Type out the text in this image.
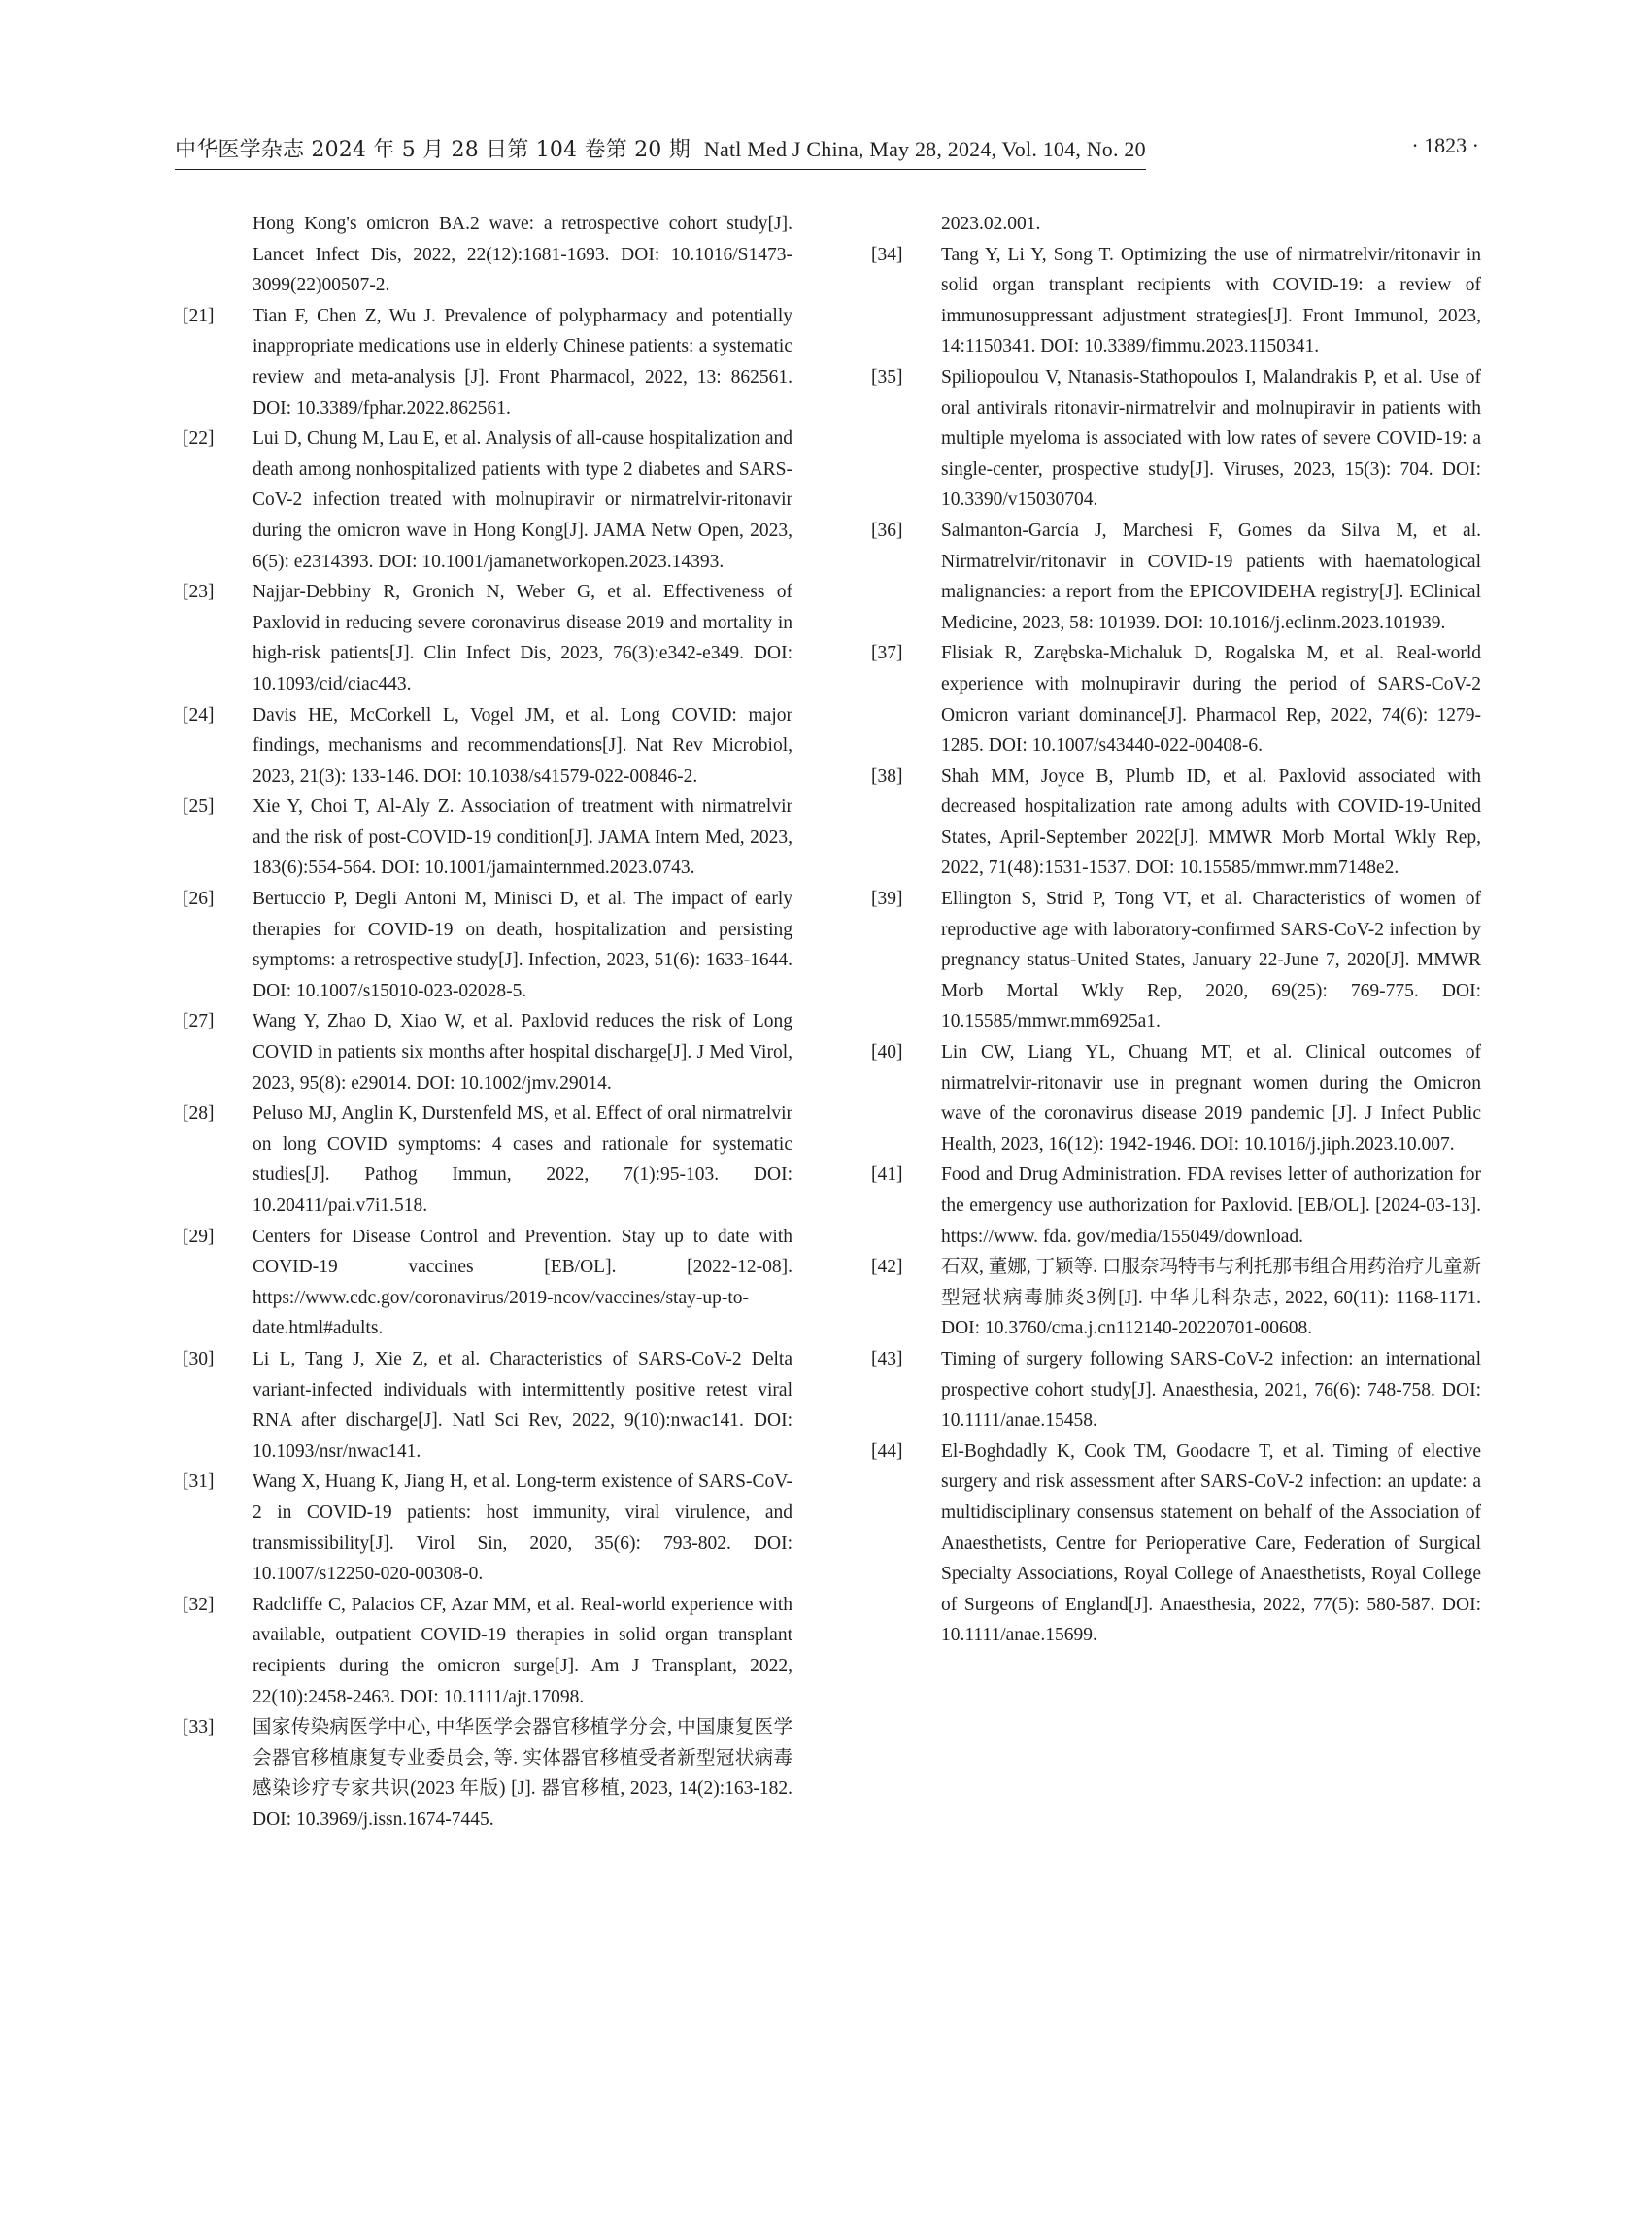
中华医学杂志 2024 年 5 月 28 日第 104 卷第 20 期 Natl Med J China, May 28, 2024, Vol. 104, No. 20	· 1823 ·
Hong Kong's omicron BA.2 wave: a retrospective cohort study[J]. Lancet Infect Dis, 2022, 22(12):1681-1693. DOI: 10.1016/S1473-3099(22)00507-2.
[21] Tian F, Chen Z, Wu J. Prevalence of polypharmacy and potentially inappropriate medications use in elderly Chinese patients: a systematic review and meta-analysis [J]. Front Pharmacol, 2022, 13: 862561. DOI: 10.3389/fphar.2022.862561.
[22] Lui D, Chung M, Lau E, et al. Analysis of all-cause hospitalization and death among nonhospitalized patients with type 2 diabetes and SARS-CoV-2 infection treated with molnupiravir or nirmatrelvir-ritonavir during the omicron wave in Hong Kong[J]. JAMA Netw Open, 2023, 6(5): e2314393. DOI: 10.1001/jamanetworkopen.2023.14393.
[23] Najjar-Debbiny R, Gronich N, Weber G, et al. Effectiveness of Paxlovid in reducing severe coronavirus disease 2019 and mortality in high-risk patients[J]. Clin Infect Dis, 2023, 76(3):e342-e349. DOI: 10.1093/cid/ciac443.
[24] Davis HE, McCorkell L, Vogel JM, et al. Long COVID: major findings, mechanisms and recommendations[J]. Nat Rev Microbiol, 2023, 21(3): 133-146. DOI: 10.1038/s41579-022-00846-2.
[25] Xie Y, Choi T, Al-Aly Z. Association of treatment with nirmatrelvir and the risk of post-COVID-19 condition[J]. JAMA Intern Med, 2023, 183(6):554-564. DOI: 10.1001/jamainternmed.2023.0743.
[26] Bertuccio P, Degli Antoni M, Minisci D, et al. The impact of early therapies for COVID-19 on death, hospitalization and persisting symptoms: a retrospective study[J]. Infection, 2023, 51(6): 1633-1644. DOI: 10.1007/s15010-023-02028-5.
[27] Wang Y, Zhao D, Xiao W, et al. Paxlovid reduces the risk of Long COVID in patients six months after hospital discharge[J]. J Med Virol, 2023, 95(8): e29014. DOI: 10.1002/jmv.29014.
[28] Peluso MJ, Anglin K, Durstenfeld MS, et al. Effect of oral nirmatrelvir on long COVID symptoms: 4 cases and rationale for systematic studies[J]. Pathog Immun, 2022, 7(1):95-103. DOI: 10.20411/pai.v7i1.518.
[29] Centers for Disease Control and Prevention. Stay up to date with COVID-19 vaccines [EB/OL]. [2022-12-08]. https://www.cdc.gov/coronavirus/2019-ncov/vaccines/stay-up-to-date.html#adults.
[30] Li L, Tang J, Xie Z, et al. Characteristics of SARS-CoV-2 Delta variant-infected individuals with intermittently positive retest viral RNA after discharge[J]. Natl Sci Rev, 2022, 9(10):nwac141. DOI: 10.1093/nsr/nwac141.
[31] Wang X, Huang K, Jiang H, et al. Long-term existence of SARS-CoV-2 in COVID-19 patients: host immunity, viral virulence, and transmissibility[J]. Virol Sin, 2020, 35(6): 793-802. DOI: 10.1007/s12250-020-00308-0.
[32] Radcliffe C, Palacios CF, Azar MM, et al. Real-world experience with available, outpatient COVID-19 therapies in solid organ transplant recipients during the omicron surge[J]. Am J Transplant, 2022, 22(10):2458-2463. DOI: 10.1111/ajt.17098.
[33] 国家传染病医学中心, 中华医学会器官移植学分会, 中国康复医学会器官移植康复专业委员会, 等. 实体器官移植受者新型冠状病毒感染诊疗专家共识(2023 年版) [J]. 器官移植, 2023, 14(2):163-182. DOI: 10.3969/j.issn.1674-7445.
2023.02.001.
[34] Tang Y, Li Y, Song T. Optimizing the use of nirmatrelvir/ritonavir in solid organ transplant recipients with COVID-19: a review of immunosuppressant adjustment strategies[J]. Front Immunol, 2023, 14:1150341. DOI: 10.3389/fimmu.2023.1150341.
[35] Spiliopoulou V, Ntanasis-Stathopoulos I, Malandrakis P, et al. Use of oral antivirals ritonavir-nirmatrelvir and molnupiravir in patients with multiple myeloma is associated with low rates of severe COVID-19: a single-center, prospective study[J]. Viruses, 2023, 15(3): 704. DOI: 10.3390/v15030704.
[36] Salmanton-García J, Marchesi F, Gomes da Silva M, et al. Nirmatrelvir/ritonavir in COVID-19 patients with haematological malignancies: a report from the EPICOVIDEHA registry[J]. EClinical Medicine, 2023, 58: 101939. DOI: 10.1016/j.eclinm.2023.101939.
[37] Flisiak R, Zarębska-Michaluk D, Rogalska M, et al. Real-world experience with molnupiravir during the period of SARS-CoV-2 Omicron variant dominance[J]. Pharmacol Rep, 2022, 74(6): 1279-1285. DOI: 10.1007/s43440-022-00408-6.
[38] Shah MM, Joyce B, Plumb ID, et al. Paxlovid associated with decreased hospitalization rate among adults with COVID-19-United States, April-September 2022[J]. MMWR Morb Mortal Wkly Rep, 2022, 71(48):1531-1537. DOI: 10.15585/mmwr.mm7148e2.
[39] Ellington S, Strid P, Tong VT, et al. Characteristics of women of reproductive age with laboratory-confirmed SARS-CoV-2 infection by pregnancy status-United States, January 22-June 7, 2020[J]. MMWR Morb Mortal Wkly Rep, 2020, 69(25): 769-775. DOI: 10.15585/mmwr.mm6925a1.
[40] Lin CW, Liang YL, Chuang MT, et al. Clinical outcomes of nirmatrelvir-ritonavir use in pregnant women during the Omicron wave of the coronavirus disease 2019 pandemic [J]. J Infect Public Health, 2023, 16(12): 1942-1946. DOI: 10.1016/j.jiph.2023.10.007.
[41] Food and Drug Administration. FDA revises letter of authorization for the emergency use authorization for Paxlovid. [EB/OL]. [2024-03-13]. https://www. fda. gov/media/155049/download.
[42] 石双, 董娜, 丁颖等. 口服奈玛特韦与利托那韦组合用药治疗儿童新型冠状病毒肺炎3例[J]. 中华儿科杂志, 2022, 60(11): 1168-1171. DOI: 10.3760/cma.j.cn112140-20220701-00608.
[43] Timing of surgery following SARS-CoV-2 infection: an international prospective cohort study[J]. Anaesthesia, 2021, 76(6): 748-758. DOI: 10.1111/anae.15458.
[44] El-Boghdadly K, Cook TM, Goodacre T, et al. Timing of elective surgery and risk assessment after SARS-CoV-2 infection: an update: a multidisciplinary consensus statement on behalf of the Association of Anaesthetists, Centre for Perioperative Care, Federation of Surgical Specialty Associations, Royal College of Anaesthetists, Royal College of Surgeons of England[J]. Anaesthesia, 2022, 77(5): 580-587. DOI: 10.1111/anae.15699.
